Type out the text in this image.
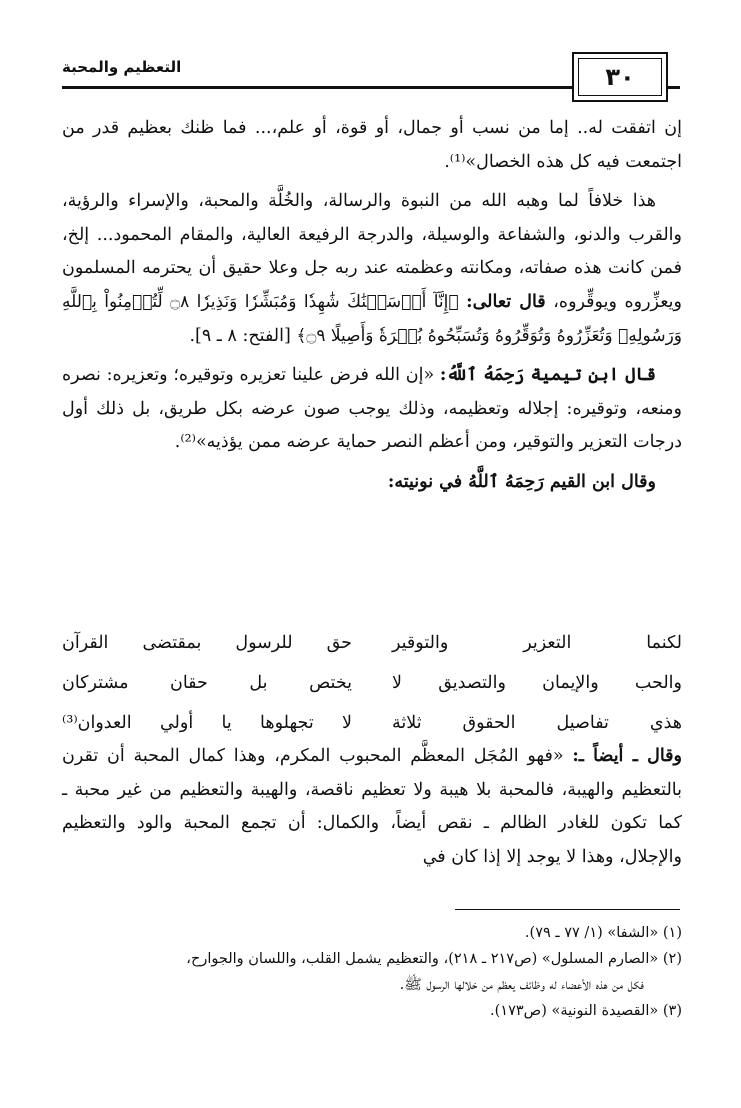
التعظيم والمحبة	٣٠

إن اتفقت له.. إما من نسب أو جمال، أو قوة، أو علم،... فما ظنك بعظيم قدر من اجتمعت فيه كل هذه الخصال»⁽¹⁾.

هذا خلافاً لما وهبه الله من النبوة والرسالة، والخُلَّة والمحبة، والإسراء والرؤية، والقرب والدنو، والشفاعة والوسيلة، والدرجة الرفيعة العالية، والمقام المحمود... إلخ، فمن كانت هذه صفاته، ومكانته وعظمته عند ربه جل وعلا حقيق أن يحترمه المسلمون ويعزِّروه ويوقِّروه، قال تعالى: ﴿إِنَّآ أَرۡسَلۡنَٰكَ شَٰهِدٗا وَمُبَشِّرٗا وَنَذِيرٗا ۝٨ لِّتُؤۡمِنُواْ بِٱللَّهِ وَرَسُولِهِۦ وَتُعَزِّرُوهُ وَتُوَقِّرُوهُ وَتُسَبِّحُوهُ بُكۡرَةٗ وَأَصِيلًا ۝٩﴾ [الفتح: ٨ ـ ٩].

قال ابن تيمية رَحِمَهُ ٱللَّهُ: «إن الله فرض علينا تعزيره وتوقيره؛ وتعزيره: نصره ومنعه، وتوقيره: إجلاله وتعظيمه، وذلك يوجب صون عرضه بكل طريق، بل ذلك أول درجات التعزير والتوقير، ومن أعظم النصر حماية عرضه ممن يؤذيه»⁽²⁾.

وقال ابن القيم رَحِمَهُ ٱللَّهُ في نونيته:

لكنما التعزير والتوقير
حق للرسول بمقتضى القرآن
والحب والإيمان والتصديق لا
يختص بل حقان مشتركان
هذي تفاصيل الحقوق ثلاثة
لا تجهلوها يا أولي العدوان⁽³⁾

وقال ـ أيضاً ـ: «فهو المُجَل المعظَّم المحبوب المكرم، وهذا كمال المحبة أن تقرن بالتعظيم والهيبة، فالمحبة بلا هيبة ولا تعظيم ناقصة، والهيبة والتعظيم من غير محبة ـ كما تكون للغادر الظالم ـ نقص أيضاً، والكمال: أن تجمع المحبة والود والتعظيم والإجلال، وهذا لا يوجد إلا إذا كان في

(١) «الشفا» (١/ ٧٧ ـ ٧٩).

(٢) «الصارم المسلول» (ص٢١٧ ـ ٢١٨)، والتعظيم يشمل القلب، واللسان والجوارح،

فكل من هذه الأعضاء له وظائف يعظم من خلالها الرسول ﷺ.

(٣) «القصيدة النونية» (ص١٧٣).
